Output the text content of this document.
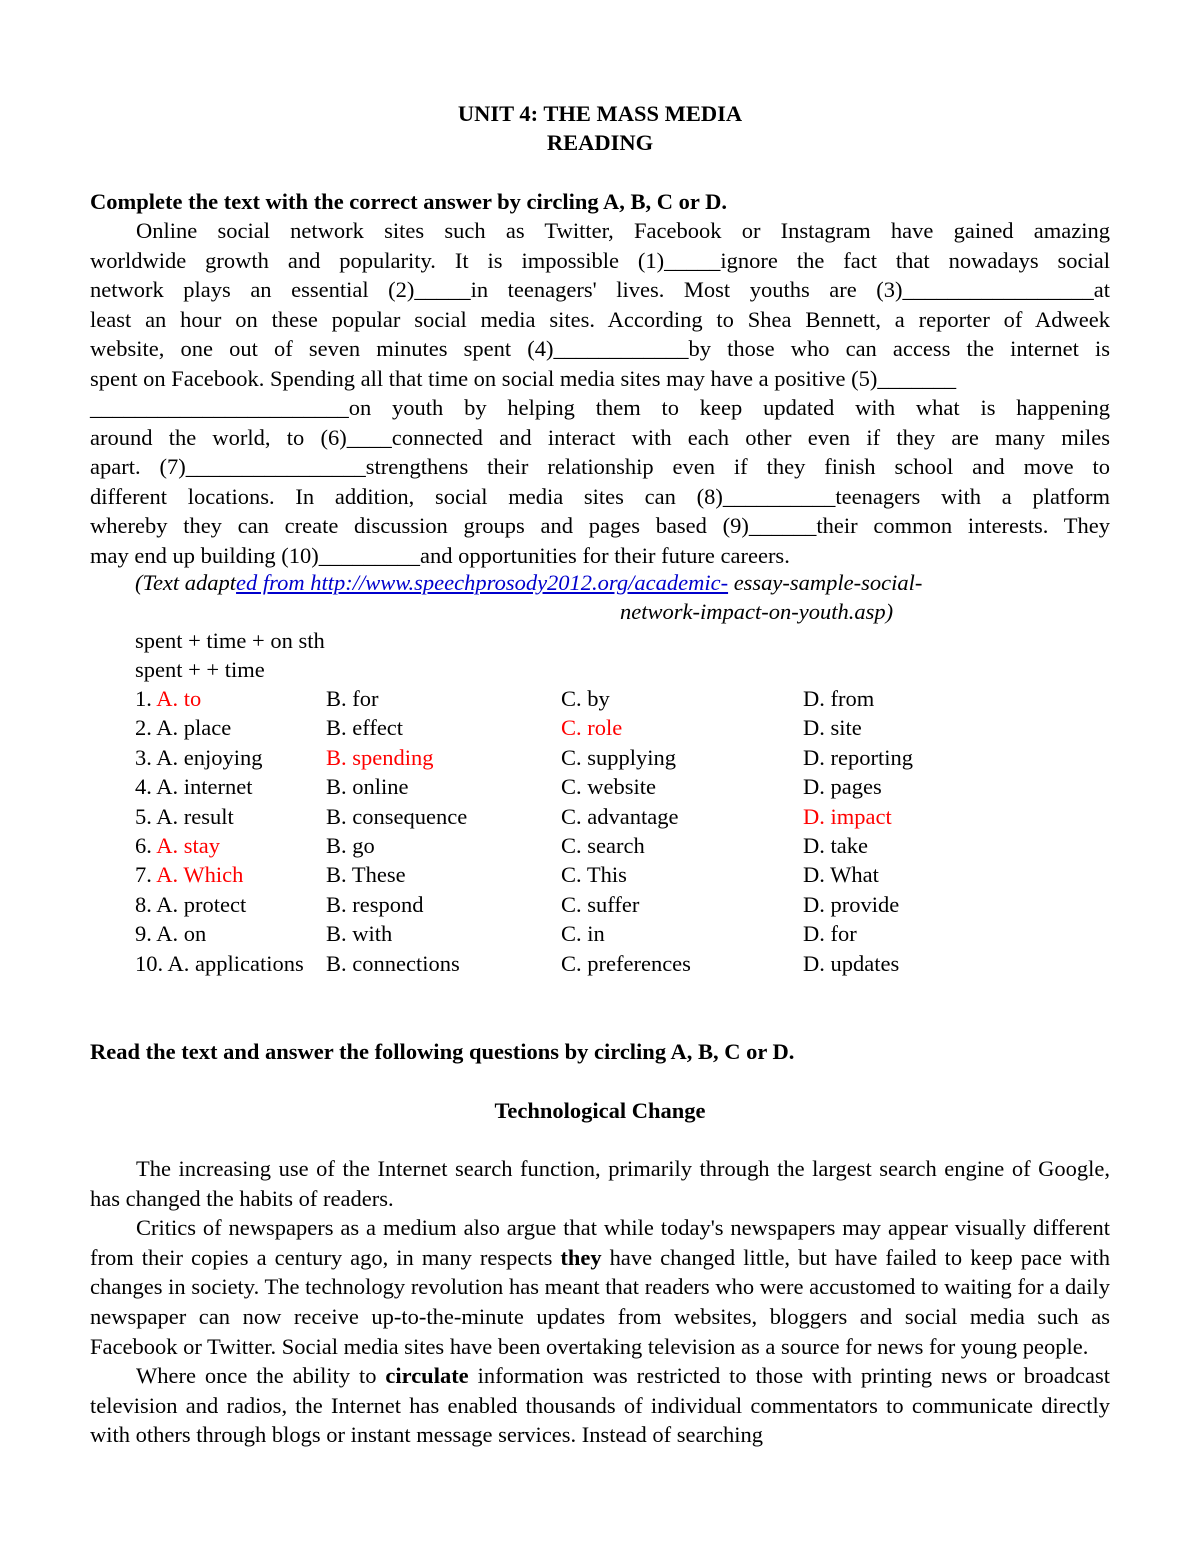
UNIT 4: THE MASS MEDIA
READING
Complete the text with the correct answer by circling A, B, C or D.
Online social network sites such as Twitter, Facebook or Instagram have gained amazing
worldwide growth and popularity. It is impossible (1)_____ignore the fact that nowadays social
network plays an essential (2)_____in teenagers' lives. Most youths are (3)_________________at
least an hour on these popular social media sites. According to Shea Bennett, a reporter of Adweek
website, one out of seven minutes spent (4)____________by those who can access the internet is
spent on Facebook. Spending all that time on social media sites may have a positive (5)_______
_______________________on youth by helping them to keep updated with what is happening
around the world, to (6)____connected and interact with each other even if they are many miles
apart. (7)________________strengthens their relationship even if they finish school and move to
different locations. In addition, social media sites can (8)__________teenagers with a platform
whereby they can create discussion groups and pages based (9)______their common interests. They
may end up building (10)_________and opportunities for their future careers.
(Text adapted from http://www.speechprosody2012.org/academic- essay-sample-social-
network-impact-on-youth.asp)
spent + time + on sth
spent + + time
1. A. to	B. for	C. by	D. from
2. A. place	B. effect	C. role	D. site
3. A. enjoying	B. spending	C. supplying	D. reporting
4. A. internet	B. online	C. website	D. pages
5. A. result	B. consequence	C. advantage	D. impact
6. A. stay	B. go	C. search	D. take
7. A. Which	B. These	C. This	D. What
8. A. protect	B. respond	C. suffer	D. provide
9. A. on	B. with	C. in	D. for
10. A. applications B. connections	C. preferences	D. updates
Read the text and answer the following questions by circling A, B, C or D.
Technological Change

The increasing use of the Internet search function, primarily through the largest search engine of Google, has changed the habits of readers.

Critics of newspapers as a medium also argue that while today's newspapers may appear visually different from their copies a century ago, in many respects they have changed little, but have failed to keep pace with changes in society. The technology revolution has meant that readers who were accustomed to waiting for a daily newspaper can now receive up-to-the-minute updates from websites, bloggers and social media such as Facebook or Twitter. Social media sites have been overtaking television as a source for news for young people.

Where once the ability to circulate information was restricted to those with printing news or broadcast television and radios, the Internet has enabled thousands of individual commentators to communicate directly with others through blogs or instant message services. Instead of searching
